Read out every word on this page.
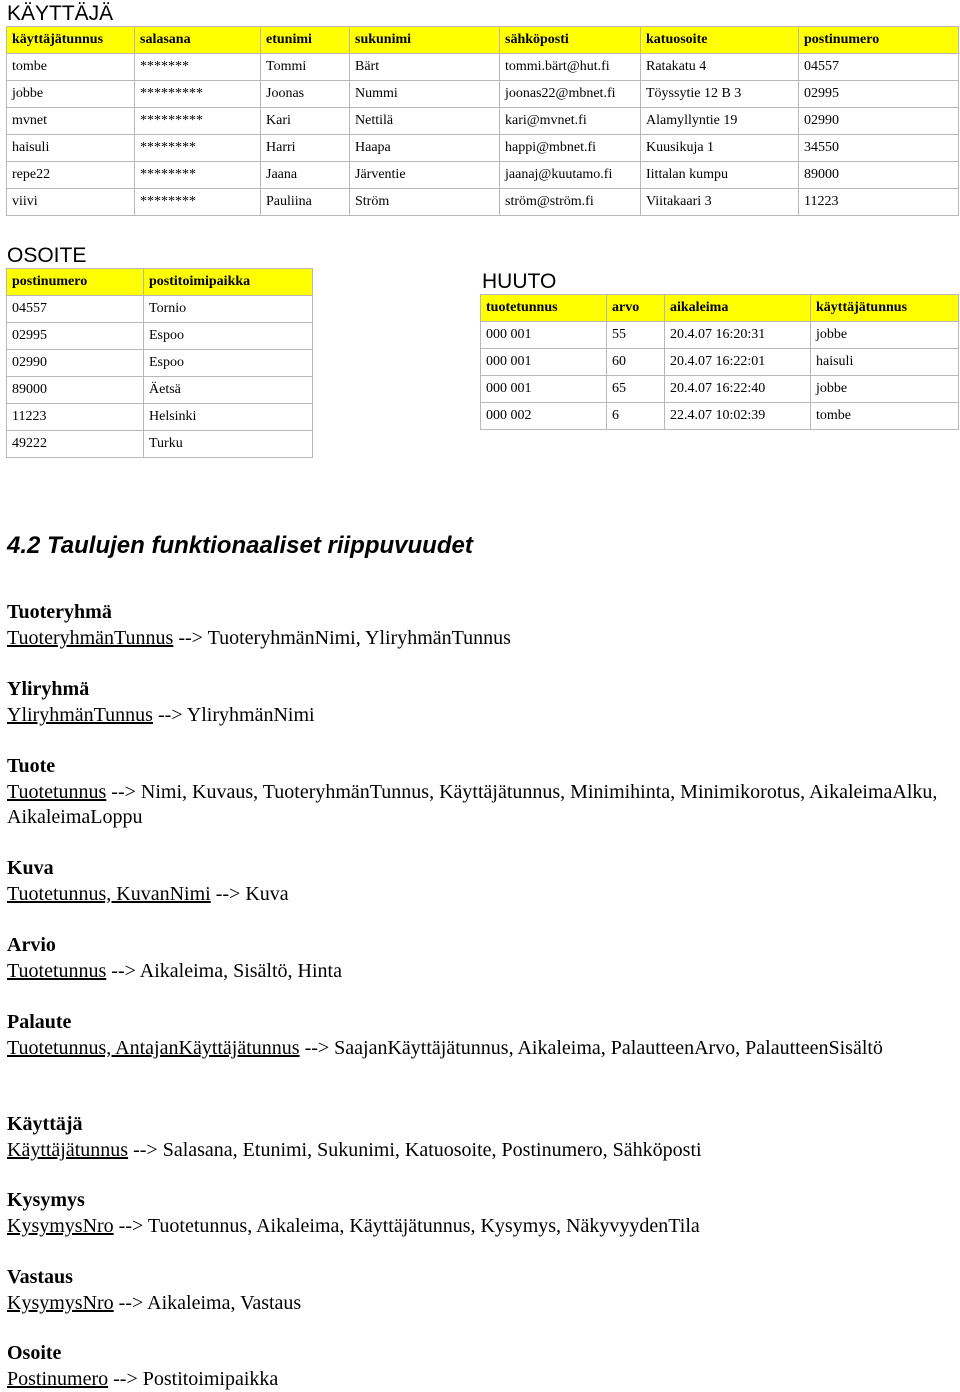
KÄYTTÄJÄ
käyttäjätunnus	salasana	etunimi	sukunimi	sähköposti	katuosoite	postinumero
tombe	*******	Tommi	Bärt	tommi.bärt@hut.fi	Ratakatu 4	04557
jobbe	*********	Joonas	Nummi	joonas22@mbnet.fi	Töyssytie 12 B 3	02995
mvnet	*********	Kari	Nettilä	kari@mvnet.fi	Alamyllyntie 19	02990
haisuli	********	Harri	Haapa	happi@mbnet.fi	Kuusikuja 1	34550
repe22	********	Jaana	Järventie	jaanaj@kuutamo.fi	Iittalan kumpu	89000
viivi	********	Pauliina	Ström	ström@ström.fi	Viitakaari 3	11223
OSOITE
postinumero	postitoimipaikka
04557	Tornio
02995	Espoo
02990	Espoo
89000	Äetsä
11223	Helsinki
49222	Turku
HUUTO
tuotetunnus	arvo	aikaleima	käyttäjätunnus
000 001	55	20.4.07 16:20:31	jobbe
000 001	60	20.4.07 16:22:01	haisuli
000 001	65	20.4.07 16:22:40	jobbe
000 002	6	22.4.07 10:02:39	tombe
4.2 Taulujen funktionaaliset riippuvuudet
Tuoteryhmä
TuoteryhmänTunnus --> TuoteryhmänNimi, YliryhmänTunnus
Yliryhmä
YliryhmänTunnus --> YliryhmänNimi
Tuote
Tuotetunnus --> Nimi, Kuvaus, TuoteryhmänTunnus, Käyttäjätunnus, Minimihinta, Minimikorotus, AikaleimaAlku, AikaleimaLoppu
Kuva
Tuotetunnus, KuvanNimi --> Kuva
Arvio
Tuotetunnus --> Aikaleima, Sisältö, Hinta
Palaute
Tuotetunnus, AntajanKäyttäjätunnus --> SaajanKäyttäjätunnus, Aikaleima, PalautteenArvo, PalautteenSisältö
Käyttäjä
Käyttäjätunnus --> Salasana, Etunimi, Sukunimi, Katuosoite, Postinumero, Sähköposti
Kysymys
KysymysNro --> Tuotetunnus, Aikaleima, Käyttäjätunnus, Kysymys, NäkyvyydenTila
Vastaus
KysymysNro --> Aikaleima, Vastaus
Osoite
Postinumero --> Postitoimipaikka
